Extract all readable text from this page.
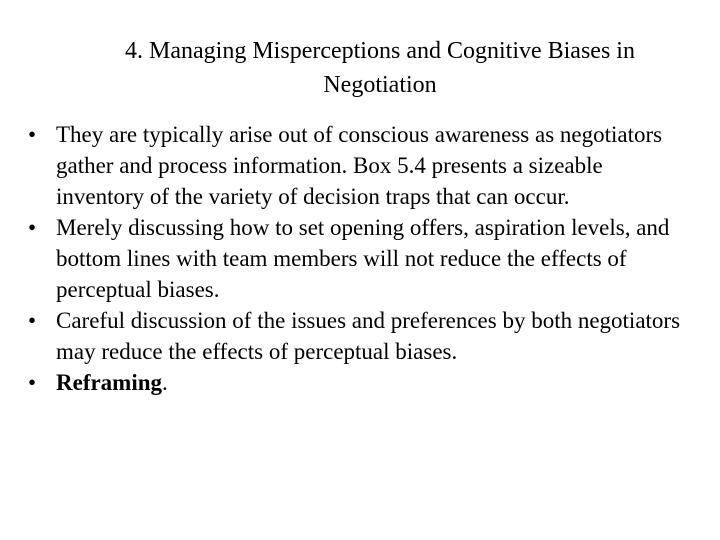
4. Managing Misperceptions and Cognitive Biases in
Negotiation
• They are typically arise out of conscious awareness as negotiators gather and process information. Box 5.4 presents a sizeable inventory of the variety of decision traps that can occur.
• Merely discussing how to set opening offers, aspiration levels, and bottom lines with team members will not reduce the effects of perceptual biases.
• Careful discussion of the issues and preferences by both negotiators may reduce the effects of perceptual biases.
• Reframing.
